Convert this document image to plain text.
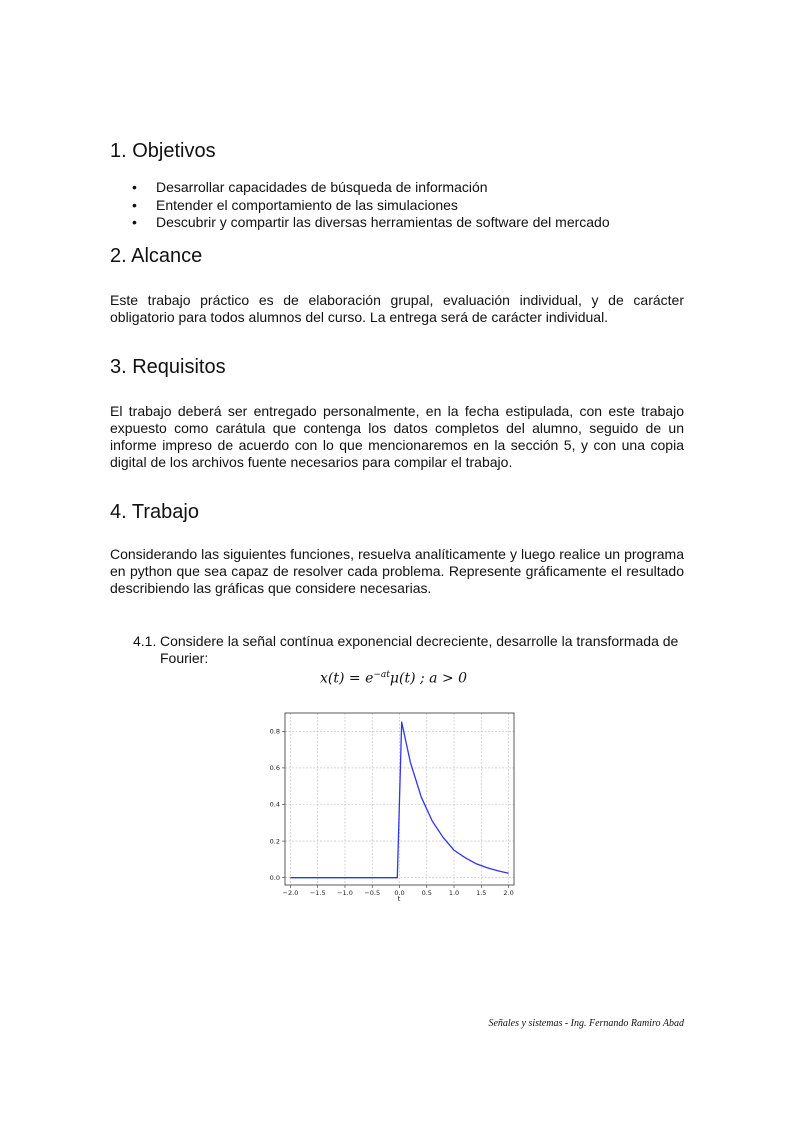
1. Objetivos
• Desarrollar capacidades de búsqueda de información
• Entender el comportamiento de las simulaciones
• Descubrir y compartir las diversas herramientas de software del mercado
2. Alcance

Este trabajo práctico es de elaboración grupal, evaluación individual, y de carácter obligatorio para todos alumnos del curso. La entrega será de carácter individual.

3. Requisitos

El trabajo deberá ser entregado personalmente, en la fecha estipulada, con este trabajo expuesto como carátula que contenga los datos completos del alumno, seguido de un informe impreso de acuerdo con lo que mencionaremos en la sección 5, y con una copia digital de los archivos fuente necesarios para compilar el trabajo.

4. Trabajo

Considerando las siguientes funciones, resuelva analíticamente y luego realice un programa en python que sea capaz de resolver cada problema. Represente gráficamente el resultado describiendo las gráficas que considere necesarias.

4.1. Considere la señal contínua exponencial decreciente, desarrolle la transformada de
Fourier:
$x(t) = e^{-at}\mu(t)$ ; a > 0
−2.0 −1.5 −1.0 −0.5 0.0	0.5	1.0	1.5	2.0
0.0
0.2
0.4
0.6
0.8
t
Señales y sistemas - Ing. Fernando Ramiro Abad
